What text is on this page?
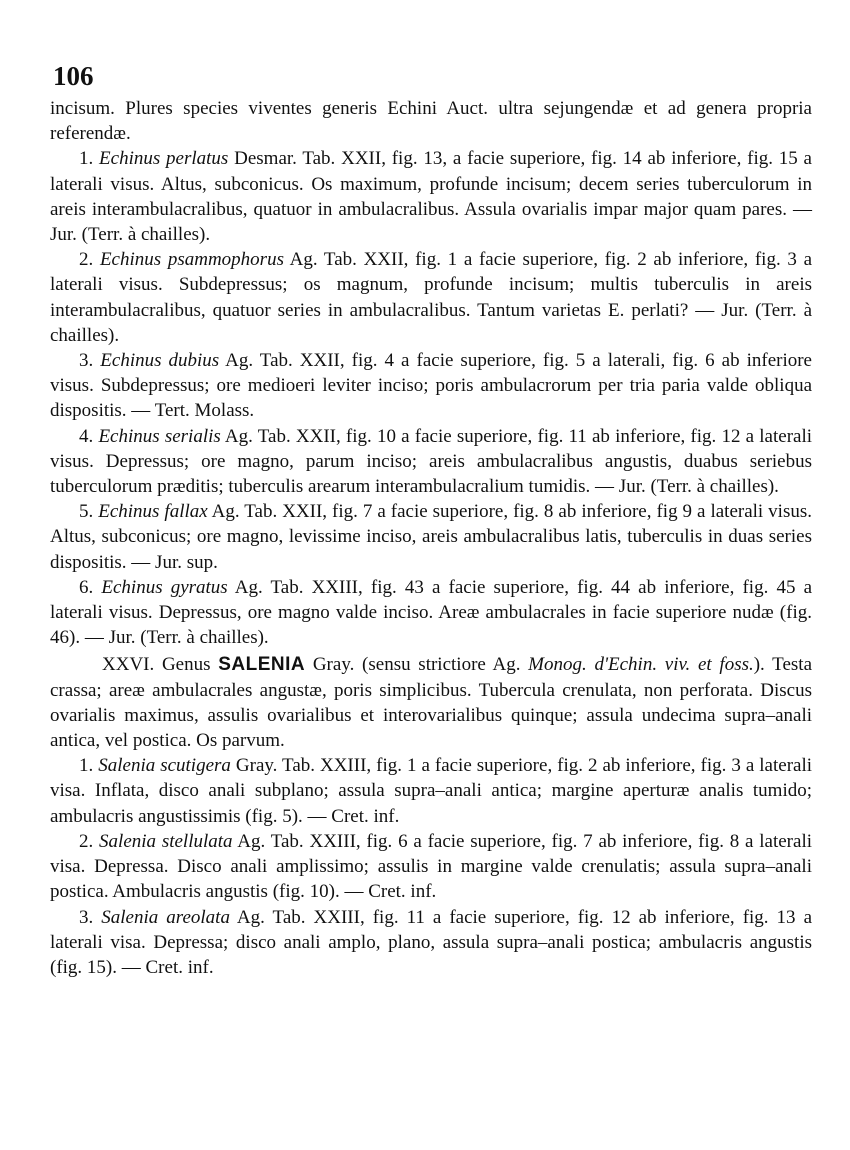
106

incisum. Plures species viventes generis Echini Auct. ultra sejungendæ et ad genera propria referendæ.

1. Echinus perlatus Desmar. Tab. XXII, fig. 13, a facie superiore, fig. 14 ab inferiore, fig. 15 a laterali visus. Altus, subconicus. Os maximum, profunde incisum; decem series tuberculorum in areis interambulacralibus, quatuor in ambulacralibus. Assula ovarialis impar major quam pares. — Jur. (Terr. à chailles).

2. Echinus psammophorus Ag. Tab. XXII, fig. 1 a facie superiore, fig. 2 ab inferiore, fig. 3 a laterali visus. Subdepressus; os magnum, profunde incisum; multis tuberculis in areis interambulacralibus, quatuor series in ambulacralibus. Tantum varietas E. perlati? — Jur. (Terr. à chailles).

3. Echinus dubius Ag. Tab. XXII, fig. 4 a facie superiore, fig. 5 a laterali, fig. 6 ab inferiore visus. Subdepressus; ore medioeri leviter inciso; poris ambulacrorum per tria paria valde obliqua dispositis. — Tert. Molass.

4. Echinus serialis Ag. Tab. XXII, fig. 10 a facie superiore, fig. 11 ab inferiore, fig. 12 a laterali visus. Depressus; ore magno, parum inciso; areis ambulacralibus angustis, duabus seriebus tuberculorum præditis; tuberculis arearum interambulacralium tumidis. — Jur. (Terr. à chailles).

5. Echinus fallax Ag. Tab. XXII, fig. 7 a facie superiore, fig. 8 ab inferiore, fig 9 a laterali visus. Altus, subconicus; ore magno, levissime inciso, areis ambulacralibus latis, tuberculis in duas series dispositis. — Jur. sup.

6. Echinus gyratus Ag. Tab. XXIII, fig. 43 a facie superiore, fig. 44 ab inferiore, fig. 45 a laterali visus. Depressus, ore magno valde inciso. Areæ ambulacrales in facie superiore nudæ (fig. 46). — Jur. (Terr. à chailles).

XXVI. Genus SALENIA Gray. (sensu strictiore Ag. Monog. d'Echin. viv. et foss.). Testa crassa; areæ ambulacrales angustæ, poris simplicibus. Tubercula crenulata, non perforata. Discus ovarialis maximus, assulis ovarialibus et interovarialibus quinque; assula undecima supra–anali antica, vel postica. Os parvum.

1. Salenia scutigera Gray. Tab. XXIII, fig. 1 a facie superiore, fig. 2 ab inferiore, fig. 3 a laterali visa. Inflata, disco anali subplano; assula supra–anali antica; margine aperturæ analis tumido; ambulacris angustissimis (fig. 5). — Cret. inf.

2. Salenia stellulata Ag. Tab. XXIII, fig. 6 a facie superiore, fig. 7 ab inferiore, fig. 8 a laterali visa. Depressa. Disco anali amplissimo; assulis in margine valde crenulatis; assula supra–anali postica. Ambulacris angustis (fig. 10). — Cret. inf.

3. Salenia areolata Ag. Tab. XXIII, fig. 11 a facie superiore, fig. 12 ab inferiore, fig. 13 a laterali visa. Depressa; disco anali amplo, plano, assula supra–anali postica; ambulacris angustis (fig. 15). — Cret. inf.
